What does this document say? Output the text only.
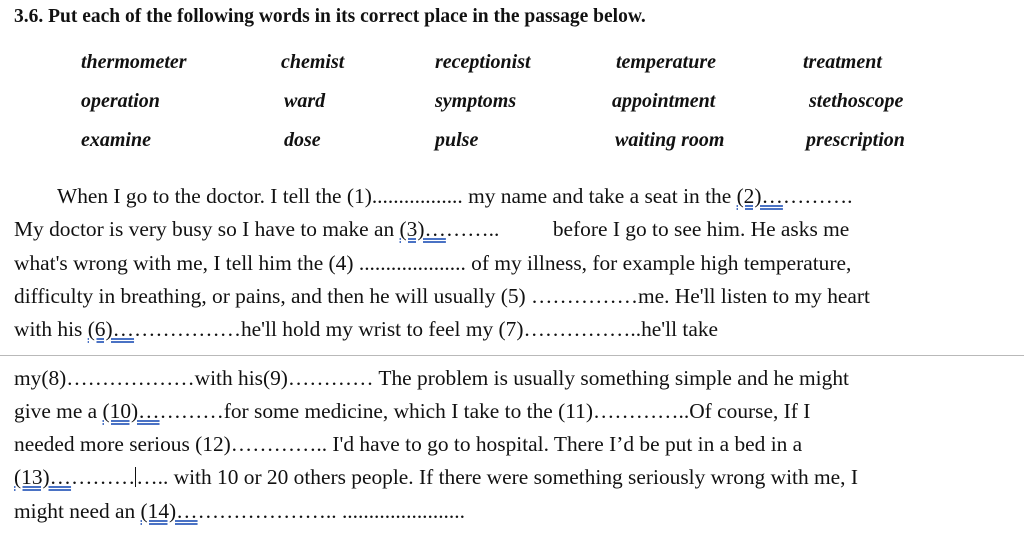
3.6. Put each of the following words in its correct place in the passage below.
thermometer	chemist	receptionist	temperature	treatment
operation	ward	symptoms	appointment	stethoscope
examine	dose	pulse	waiting room	prescription
When I go to the doctor. I tell the (1)................. my name and take a seat in the (2)………….
My doctor is very busy so I have to make an (3)………..          before I go to see him. He asks me
what's wrong with me, I tell him the (4) .................... of my illness, for example high temperature,
difficulty in breathing, or pains, and then he will usually (5) ……………me. He'll listen to my heart
with his (6)………………he'll hold my wrist to feel my (7)……………..he'll take
my(8)………………with his(9)………… The problem is usually something simple and he might
give me a (10)…………for some medicine, which I take to the (11)…………..Of course, If I
needed more serious (12)………….. I'd have to go to hospital. There I’d be put in a bed in a
(13)…………….. with 10 or 20 others people. If there were something seriously wrong with me, I
might need an (14)………………….. .......................
